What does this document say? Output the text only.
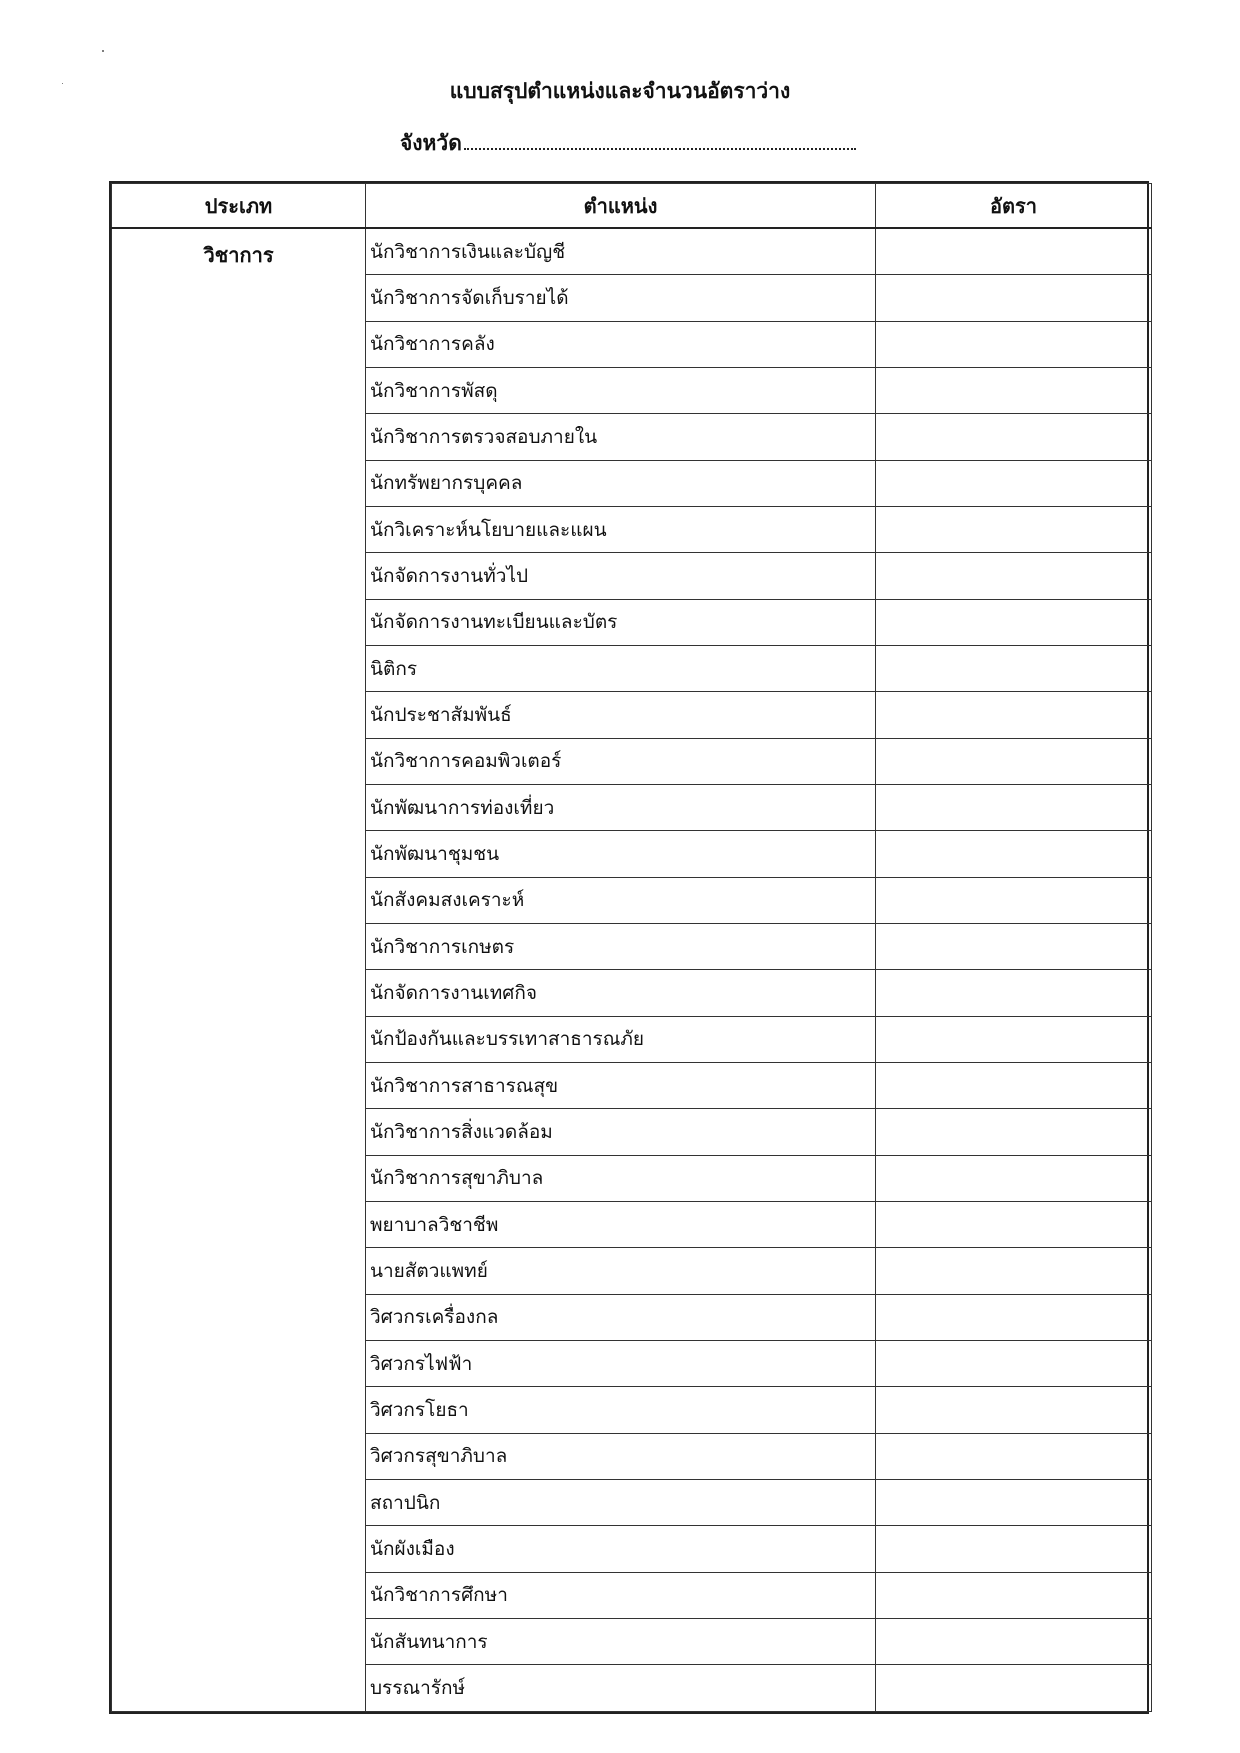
แบบสรุปตำแหน่งและจำนวนอัตราว่าง
จังหวัด
ประเภท	ตำแหน่ง	อัตรา
วิชาการ	นักวิชาการเงินและบัญชี	
	นักวิชาการจัดเก็บรายได้	
	นักวิชาการคลัง	
	นักวิชาการพัสดุ	
	นักวิชาการตรวจสอบภายใน	
	นักทรัพยากรบุคคล	
	นักวิเคราะห์นโยบายและแผน	
	นักจัดการงานทั่วไป	
	นักจัดการงานทะเบียนและบัตร	
	นิติกร	
	นักประชาสัมพันธ์	
	นักวิชาการคอมพิวเตอร์	
	นักพัฒนาการท่องเที่ยว	
	นักพัฒนาชุมชน	
	นักสังคมสงเคราะห์	
	นักวิชาการเกษตร	
	นักจัดการงานเทศกิจ	
	นักป้องกันและบรรเทาสาธารณภัย	
	นักวิชาการสาธารณสุข	
	นักวิชาการสิ่งแวดล้อม	
	นักวิชาการสุขาภิบาล	
	พยาบาลวิชาชีพ	
	นายสัตวแพทย์	
	วิศวกรเครื่องกล	
	วิศวกรไฟฟ้า	
	วิศวกรโยธา	
	วิศวกรสุขาภิบาล	
	สถาปนิก	
	นักผังเมือง	
	นักวิชาการศึกษา	
	นักสันทนาการ	
	บรรณารักษ์	
